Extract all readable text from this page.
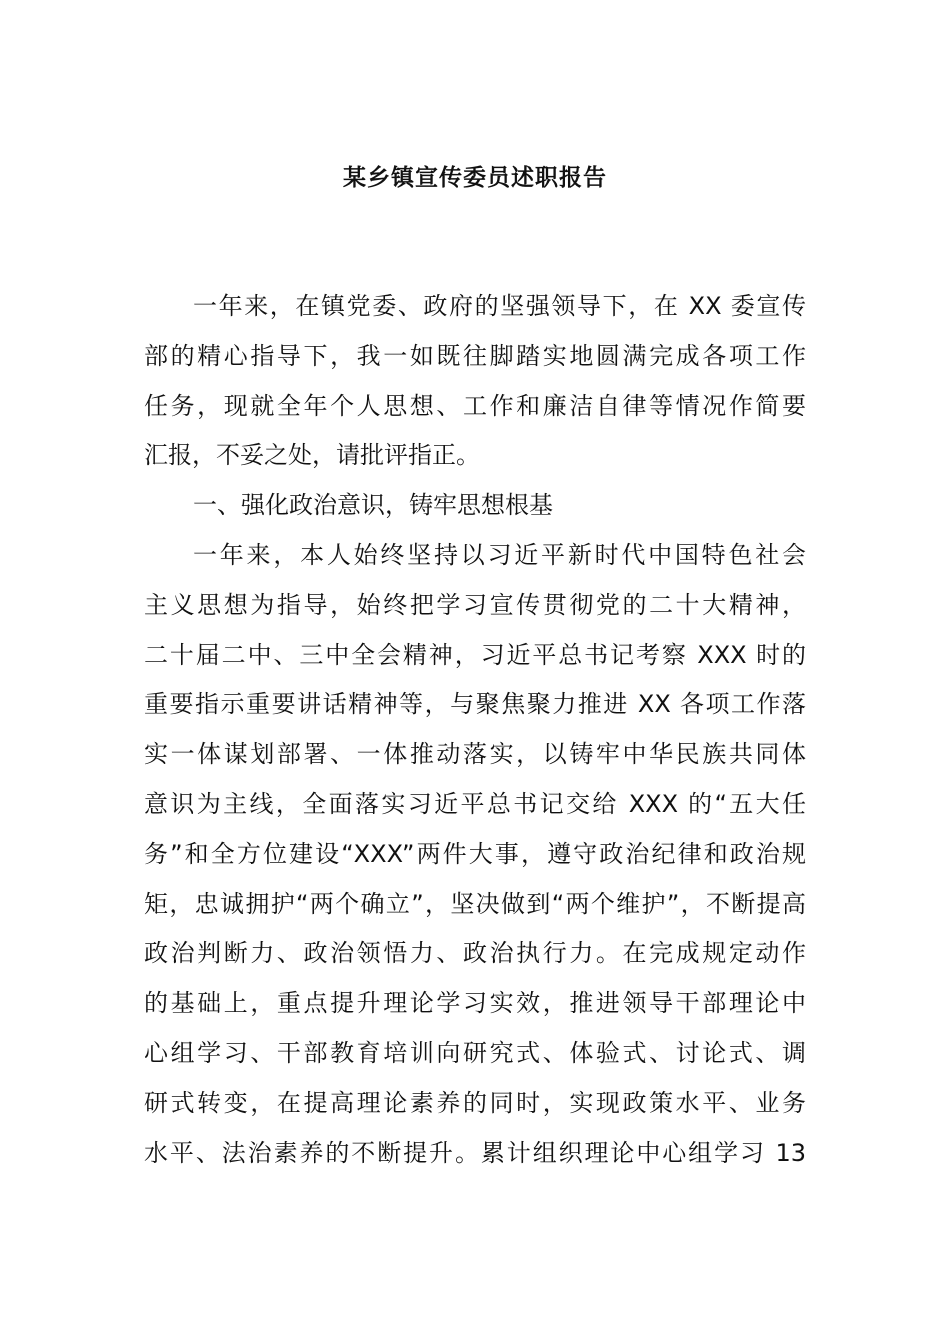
某乡镇宣传委员述职报告
一年来，在镇党委、政府的坚强领导下，在 XX 委宣传
部的精心指导下，我一如既往脚踏实地圆满完成各项工作
任务，现就全年个人思想、工作和廉洁自律等情况作简要
汇报，不妥之处，请批评指正。
一、强化政治意识，铸牢思想根基
一年来，本人始终坚持以习近平新时代中国特色社会
主义思想为指导，始终把学习宣传贯彻党的二十大精神，
二十届二中、三中全会精神，习近平总书记考察 XXX 时的
重要指示重要讲话精神等，与聚焦聚力推进 XX 各项工作落
实一体谋划部署、一体推动落实，以铸牢中华民族共同体
意识为主线，全面落实习近平总书记交给 XXX 的“五大任
务”和全方位建设“XXX”两件大事，遵守政治纪律和政治规
矩，忠诚拥护“两个确立”，坚决做到“两个维护”，不断提高
政治判断力、政治领悟力、政治执行力。在完成规定动作
的基础上，重点提升理论学习实效，推进领导干部理论中
心组学习、干部教育培训向研究式、体验式、讨论式、调
研式转变，在提高理论素养的同时，实现政策水平、业务
水平、法治素养的不断提升。累计组织理论中心组学习 13
